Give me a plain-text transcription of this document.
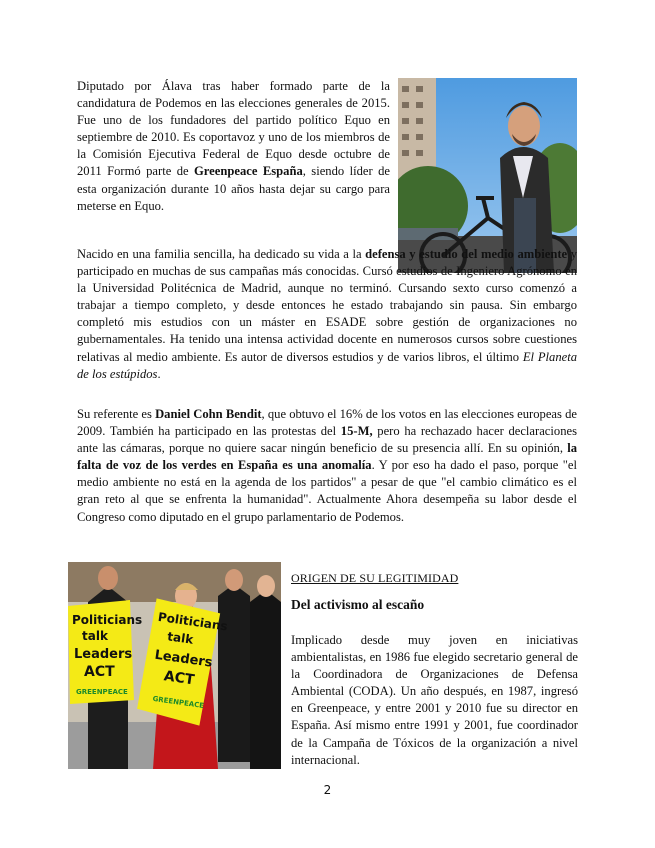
Diputado por Álava tras haber formado parte de la candidatura de Podemos en las elecciones generales de 2015. Fue uno de los fundadores del partido político Equo en septiembre de 2010. Es coportavoz y uno de los miembros de la Comisión Ejecutiva Federal de Equo desde octubre de 2011 Formó parte de Greenpeace España, siendo líder de esta organización durante 10 años hasta dejar su cargo para meterse en Equo.

Nacido en una familia sencilla, ha dedicado su vida a la defensa y estudio del medio ambiente y participado en muchas de sus campañas más conocidas. Cursó estudios de Ingeniero Agrónomo en la Universidad Politécnica de Madrid, aunque no terminó. Cursando sexto curso comenzó a trabajar a tiempo completo, y desde entonces he estado trabajando sin pausa. Sin embargo completó mis estudios con un máster en ESADE sobre gestión de organizaciones no gubernamentales. Ha tenido una intensa actividad docente en numerosos cursos sobre cuestiones relativas al medio ambiente. Es autor de diversos estudios y de varios libros, el último El Planeta de los estúpidos.

Su referente es Daniel Cohn Bendit, que obtuvo el 16% de los votos en las elecciones europeas de 2009. También ha participado en las protestas del 15-M, pero ha rechazado hacer declaraciones ante las cámaras, porque no quiere sacar ningún beneficio de su presencia allí. En su opinión, la falta de voz de los verdes en España es una anomalía. Y por eso ha dado el paso, porque "el medio ambiente no está en la agenda de los partidos" a pesar de que "el cambio climático es el gran reto al que se enfrenta la humanidad". Actualmente Ahora desempeña su labor desde el Congreso como diputado en el grupo parlamentario de Podemos.

Politicians
talk
Leaders
ACT
GREENPEACE
Politicians
talk
Leaders
ACT
GREENPEACE

ORIGEN DE SU LEGITIMIDAD

Del activismo al escaño

Implicado desde muy joven en iniciativas ambientalistas, en 1986 fue elegido secretario general de la Coordinadora de Organizaciones de Defensa Ambiental (CODA). Un año después, en 1987, ingresó en Greenpeace, y entre 2001 y 2010 fue su director en España. Así mismo entre 1991 y 2001, fue coordinador de la Campaña de Tóxicos de la organización a nivel internacional.

2
